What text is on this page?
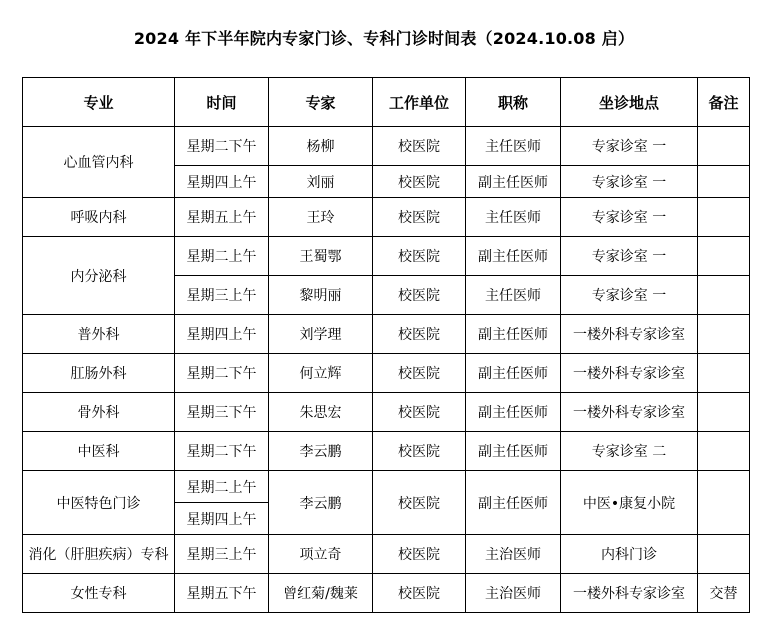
2024 年下半年院内专家门诊、专科门诊时间表（2024.10.08 启）
专业	时间	专家	工作单位	职称	坐诊地点	备注
心血管内科	星期二下午	杨柳	校医院	主任医师	专家诊室 一	
	星期四上午	刘丽	校医院	副主任医师	专家诊室 一	
呼吸内科	星期五上午	王玲	校医院	主任医师	专家诊室 一	
内分泌科	星期二上午	王蜀鄂	校医院	副主任医师	专家诊室 一	
	星期三上午	黎明丽	校医院	主任医师	专家诊室 一	
普外科	星期四上午	刘学理	校医院	副主任医师	一楼外科专家诊室	
肛肠外科	星期二下午	何立辉	校医院	副主任医师	一楼外科专家诊室	
骨外科	星期三下午	朱思宏	校医院	副主任医师	一楼外科专家诊室	
中医科	星期二下午	李云鹏	校医院	副主任医师	专家诊室 二	
中医特色门诊	星期二上午	李云鹏	校医院	副主任医师	中医•康复小院	
	星期四上午					
消化（肝胆疾病）专科	星期三上午	项立奇	校医院	主治医师	内科门诊	
女性专科	星期五下午	曾红菊/魏莱	校医院	主治医师	一楼外科专家诊室	交替
